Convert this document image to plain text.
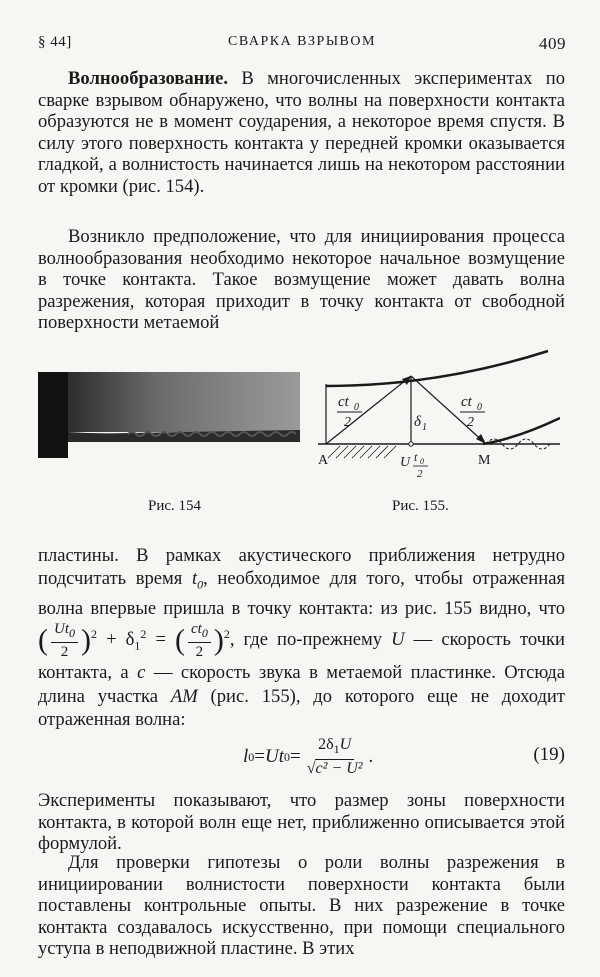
§ 44]	СВАРКА ВЗРЫВОМ	409

Волнообразование. В многочисленных экспериментах по сварке взрывом обнаружено, что волны на поверхности контакта образуются не в момент соударения, а некоторое время спустя. В силу этого поверхность контакта у передней кромки оказывается гладкой, а волнистость начинается лишь на некотором расстоянии от кромки (рис. 154).

Возникло предположение, что для инициирования процесса волнообразования необходимо некоторое начальное возмущение в точке контакта. Такое возмущение может давать волна разрежения, которая приходит в точку контакта от свободной поверхности метаемой

ct 0
2	δ 1
ct 0
2
A	M
U t 0
2
Рис. 154	Рис. 155.

пластины. В рамках акустического приближения нетрудно подсчитать время $t_0$, необходимое для того, чтобы отраженная волна впервые пришла в точку контакта: из рис. 155 видно, что ( $\frac{Ut_0}{2} )^2 + \delta_1^2$ = ( $\frac{ct_0}{2} )^2$, где по-прежнему U — скорость точки контакта, а c — скорость звука в метаемой пластинке. Отсюда длина участка AM (рис. 155), до которого еще не доходит отраженная волна:

l 0 = Ut $0 = \frac{2\delta_1U}{\text{√c² − U²}}$ .	(19)

Эксперименты показывают, что размер зоны поверхности контакта, в которой волн еще нет, приближенно описывается этой формулой.

Для проверки гипотезы о роли волны разрежения в инициировании волнистости поверхности контакта были поставлены контрольные опыты. В них разрежение в точке контакта создавалось искусственно, при помощи специального уступа в неподвижной пластине. В этих
